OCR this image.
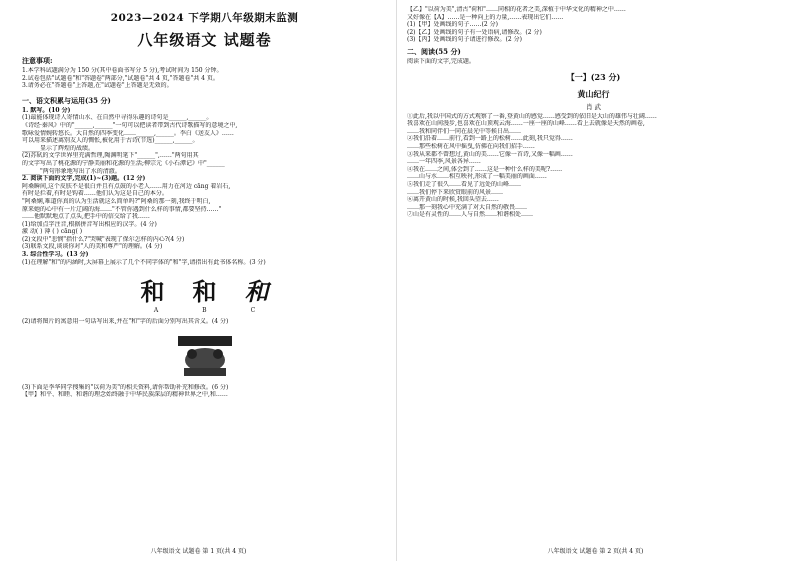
2023—2024 下学期八年级期末监测
八年级语文 试题卷
注意事项:

1.本学科试题满分为 150 分(其中卷面书写分 5 分),考试时间为 150 分钟。

2.试卷包括"试题卷"和"答题卷"两部分,"试题卷"共 4 页,"答题卷"共 4 页。

3.请务必在"答题卷"上答题,在"试题卷"上答题是无效的。

一、语文积累与运用(35 分)

1. 默写。(10 分)

(1)最能体现诗人寄情山水、在自然中寻得乐趣的诗句是______,______。

《诗经·秦风》中的"______,______"一句可以把读者带到古代诗歌描写的意境之中,

歌咏爱情婉转悠长。大自然的四季变化……______,______。李白《送友人》……

可以用来描述离别友人的惆怅,被化用于古诗(节选)______,______。

______显示了辉煌的战绩。

(2)苏轼的文学世界里充满哲理,陶渊明笔下"______",……"两句用其

的文字写出了桃花源的宁静美丽和花源的生活;柳宗元《小石潭记》中"______

______"两句形象地写出了水的清澈。

2. 阅读下面的文字,完成(1)~(3)题。(12 分)

阿桑瞬间,这个皮肤不是很白并且有点鼓的小老人……用力在河边 cāng 着岩石,

有时是拦着,有时是钩着……他们认为这是自己的本分。

"阿桑娴,难道你真的认为生活就这么简单吗?"阿桑的那一刻,我终于明白,

原来她的心中有一片辽阔的海……"不管你遇到什么样的事情,都要坚持……"

……他默默地点了点头,把手中的信交给了我……

(1)给加点字注音,根据拼音写出相应的汉字。(4 分)

激 动( ) 薄 ( ) cāng( )

(2)文段中"悲悯"指什么?"哭喊"表现了保尔怎样的内心?(4 分)

(3)联系文段,谈谈你对"人的美和尊严"的理解。(4 分)

3. 综合性学习。(13 分)

(1)在理解"和"的内涵时,大屏幕上展示了几个不同字体的"和"字,请指出有此书体名称。(3 分)

和 和 和
A	B	C

(2)请将图片的寓意用一句话写出来,并在"和"字的后面分别写出其含义。(4 分)

(3)下面是李华同学搜集的"以荷为美"的相关资料,请你帮助补充和修改。(6 分)

【甲】和平、和睦、和谐的理念始终融于中华民族深层的精神世界之中,和……

八年级语文 试题卷 第 1 页(共 4 页)

【乙】"以荷为美",清古"荷和"……同相的花者之美,深植于中华文化的精神之中……

又好像在【A】……是一种向上的力量,……表现出它们……

(1)【甲】处画线的句子……(2 分)

(2)【乙】处画线的句子有一处语病,请修改。(2 分)

(3)【丙】处画线的句子请进行修改。(2 分)

二、阅读(55 分)

阅读下面的文字,完成题。

【一】(23 分)
黄山纪行
肖 武

①此后,我以中国式的方式观察了一番,登黄山的感觉……感受到的依旧是大山的雄伟与壮阔……

我喜欢在山间漫步,也喜欢在山顶观云海……一座一座的山峰……看上去就像是天然的画卷,

……我和同伴们一同在晨光中等候日出……

②我们沿着……前行,看到一路上的松树……此刻,我只觉得……

……那些松树在风中摇曳,仿佛在向我们招手……

③我从来都不曾想过,黄山的美……它像一首诗,又像一幅画……

……一年四季,风景各异……

④我在……之间,体会到了……这是一种什么样的美呢?……

……山与水……相互映衬,形成了一幅美丽的画面……

⑤我们走了很久……看见了远处的山峰……

……我们停下来欣赏眼前的风景……

⑥离开黄山的时候,我回头望去……

……那一刻我心中充满了对大自然的敬畏……

⑦山是有灵性的……人与自然……和谐相处……

八年级语文 试题卷 第 2 页(共 4 页)
